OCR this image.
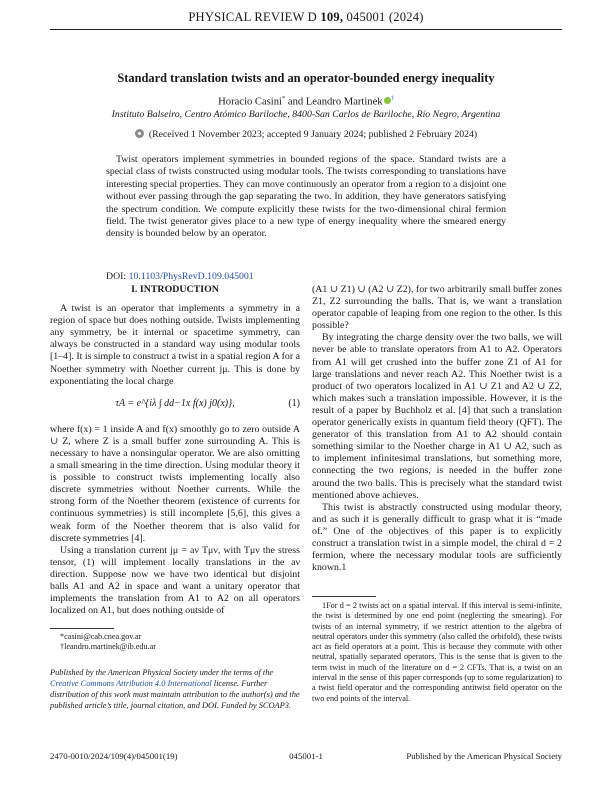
PHYSICAL REVIEW D 109, 045001 (2024)
Standard translation twists and an operator-bounded energy inequality
Horacio Casini* and Leandro Martinek †
Instituto Balseiro, Centro Atómico Bariloche, 8400-San Carlos de Bariloche, Río Negro, Argentina
(Received 1 November 2023; accepted 9 January 2024; published 2 February 2024)

Twist operators implement symmetries in bounded regions of the space. Standard twists are a special class of twists constructed using modular tools. The twists corresponding to translations have interesting special properties. They can move continuously an operator from a region to a disjoint one without ever passing through the gap separating the two. In addition, they have generators satisfying the spectrum condition. We compute explicitly these twists for the two-dimensional chiral fermion field. The twist generator gives place to a new type of energy inequality where the smeared energy density is bounded below by an operator.

DOI: 10.1103/PhysRevD.109.045001
I. INTRODUCTION

A twist is an operator that implements a symmetry in a region of space but does nothing outside. Twists implementing any symmetry, be it internal or spacetime symmetry, can always be constructed in a standard way using modular tools [1–4]. It is simple to construct a twist in a spatial region A for a Noether symmetry with Noether current jμ. This is done by exponentiating the local charge

τA = e^{iλ ∫ dd−1x f(x) j0(x)},	(1)

where f(x) = 1 inside A and f(x) smoothly go to zero outside A ∪ Z, where Z is a small buffer zone surrounding A. This is necessary to have a nonsingular operator. We are also omitting a small smearing in the time direction. Using modular theory it is possible to construct twists implementing locally also discrete symmetries without Noether currents. While the strong form of the Noether theorem (existence of currents for continuous symmetries) is still incomplete [5,6], this gives a weak form of the Noether theorem that is also valid for discrete symmetries [4].

Using a translation current jμ = aν Tμν, with Tμν the stress tensor, (1) will implement locally translations in the aν direction. Suppose now we have two identical but disjoint balls A1 and A2 in space and want a unitary operator that implements the translation from A1 to A2 on all operators localized on A1, but does nothing outside of

*casini@cab.cnea.gov.ar
†leandro.martinek@ib.edu.ar
Published by the American Physical Society under the terms of the Creative Commons Attribution 4.0 International license. Further distribution of this work must maintain attribution to the author(s) and the published article’s title, journal citation, and DOI. Funded by SCOAP3.

(A1 ∪ Z1) ∪ (A2 ∪ Z2), for two arbitrarily small buffer zones Z1, Z2 surrounding the balls. That is, we want a translation operator capable of leaping from one region to the other. Is this possible?

By integrating the charge density over the two balls, we will never be able to translate operators from A1 to A2. Operators from A1 will get crushed into the buffer zone Z1 of A1 for large translations and never reach A2. This Noether twist is a product of two operators localized in A1 ∪ Z1 and A2 ∪ Z2, which makes such a translation impossible. However, it is the result of a paper by Buchholz et al. [4] that such a translation operator generically exists in quantum field theory (QFT). The generator of this translation from A1 to A2 should contain something similar to the Noether charge in A1 ∪ A2, such as to implement infinitesimal translations, but something more, connecting the two regions, is needed in the buffer zone around the two balls. This is precisely what the standard twist mentioned above achieves.

This twist is abstractly constructed using modular theory, and as such it is generally difficult to grasp what it is “made of.” One of the objectives of this paper is to explicitly construct a translation twist in a simple model, the chiral d = 2 fermion, where the necessary modular tools are sufficiently known.1

1For d = 2 twists act on a spatial interval. If this interval is semi-infinite, the twist is determined by one end point (neglecting the smearing). For twists of an internal symmetry, if we restrict attention to the algebra of neutral operators under this symmetry (also called the orbifold), these twists act as field operators at a point. This is because they commute with other neutral, spatially separated operators. This is the sense that is given to the term twist in much of the literature on d = 2 CFTs. That is, a twist on an interval in the sense of this paper corresponds (up to some regularization) to a twist field operator and the corresponding antitwist field operator on the two end points of the interval.
2470-0010/2024/109(4)/045001(19)	045001-1	Published by the American Physical Society
